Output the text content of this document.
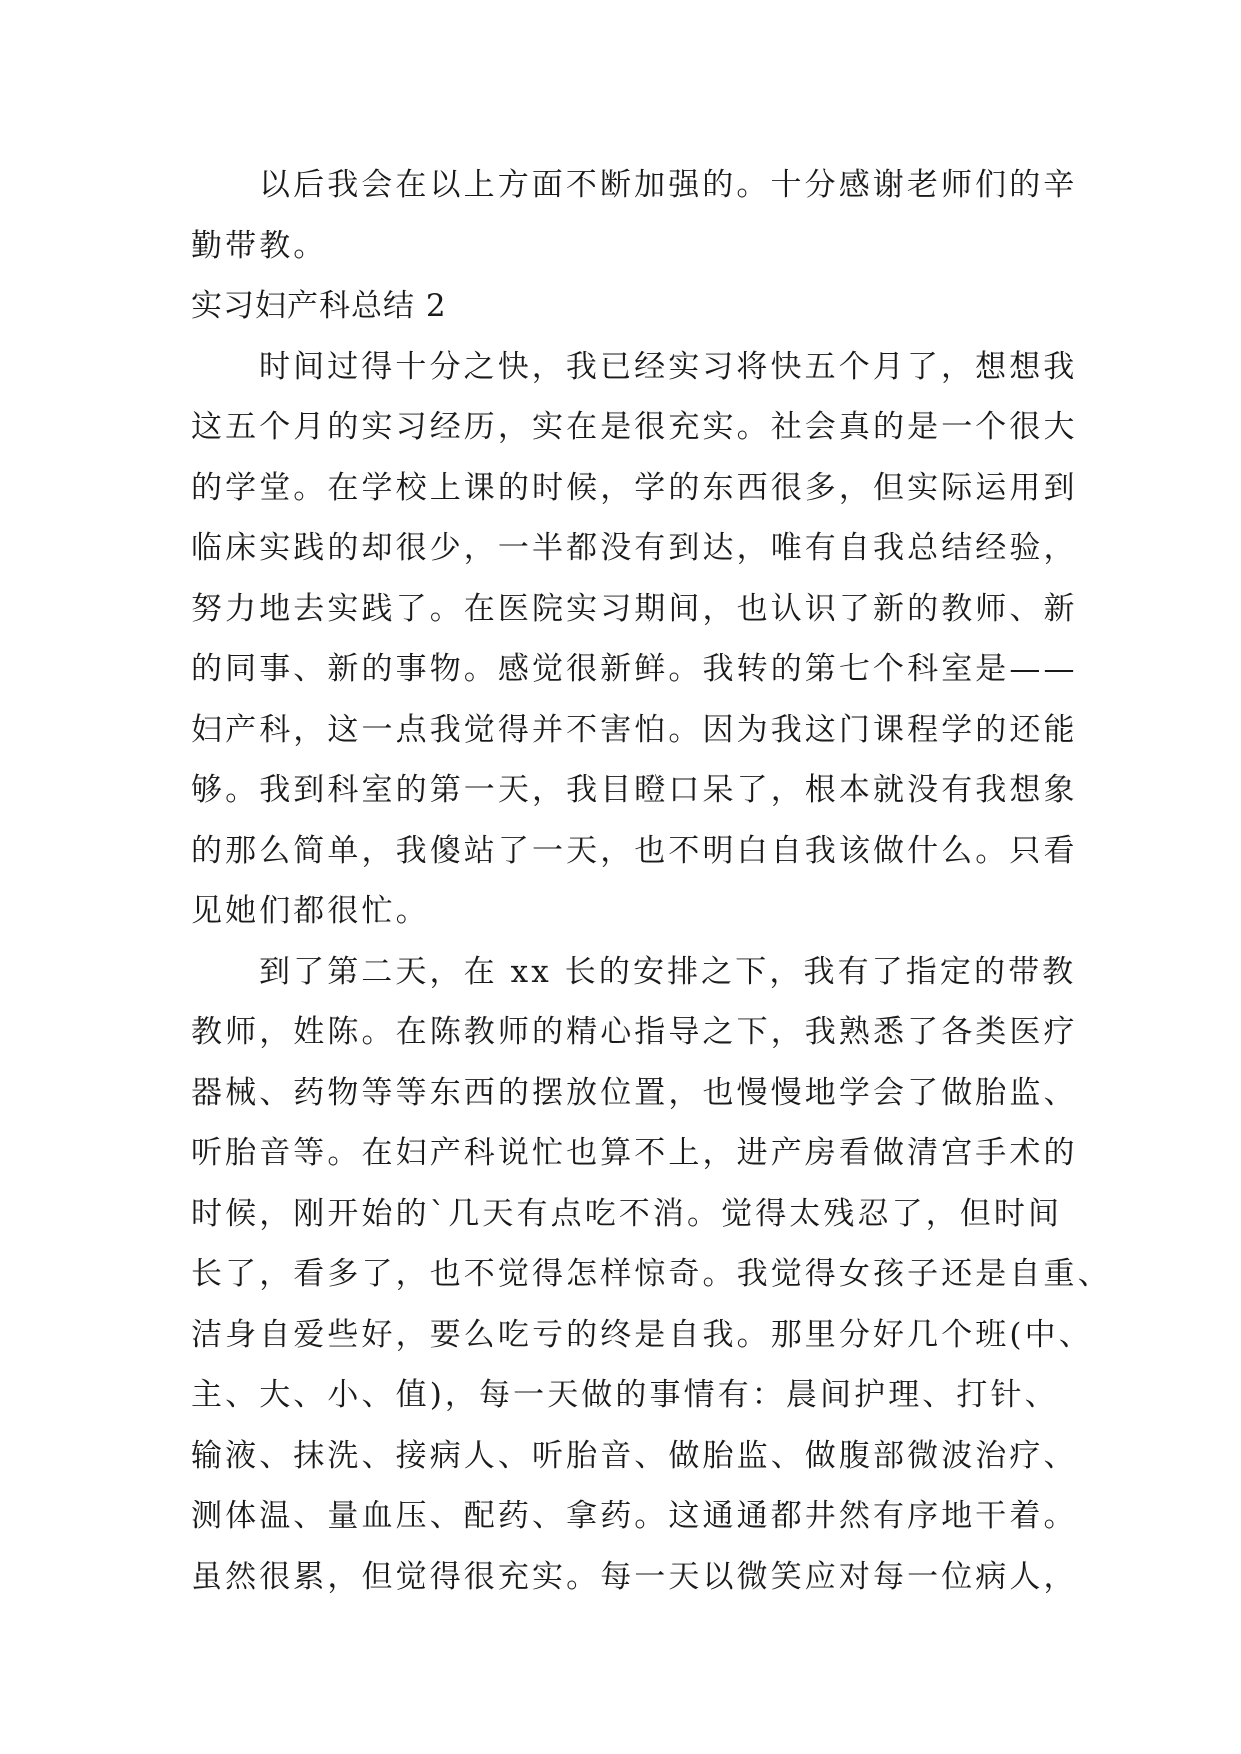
以后我会在以上方面不断加强的。十分感谢老师们的辛
勤带教。

实习妇产科总结 2

时间过得十分之快，我已经实习将快五个月了，想想我
这五个月的实习经历，实在是很充实。社会真的是一个很大
的学堂。在学校上课的时候，学的东西很多，但实际运用到
临床实践的却很少，一半都没有到达，唯有自我总结经验，
努力地去实践了。在医院实习期间，也认识了新的教师、新
的同事、新的事物。感觉很新鲜。我转的第七个科室是——
妇产科，这一点我觉得并不害怕。因为我这门课程学的还能
够。我到科室的第一天，我目瞪口呆了，根本就没有我想象
的那么简单，我傻站了一天，也不明白自我该做什么。只看
见她们都很忙。

到了第二天，在 xx 长的安排之下，我有了指定的带教
教师，姓陈。在陈教师的精心指导之下，我熟悉了各类医疗
器械、药物等等东西的摆放位置，也慢慢地学会了做胎监、
听胎音等。在妇产科说忙也算不上，进产房看做清宫手术的
时候，刚开始的`几天有点吃不消。觉得太残忍了，但时间
长了，看多了，也不觉得怎样惊奇。我觉得女孩子还是自重、
洁身自爱些好，要么吃亏的终是自我。那里分好几个班(中、
主、大、小、值)，每一天做的事情有：晨间护理、打针、
输液、抹洗、接病人、听胎音、做胎监、做腹部微波治疗、
测体温、量血压、配药、拿药。这通通都井然有序地干着。
虽然很累，但觉得很充实。每一天以微笑应对每一位病人，
